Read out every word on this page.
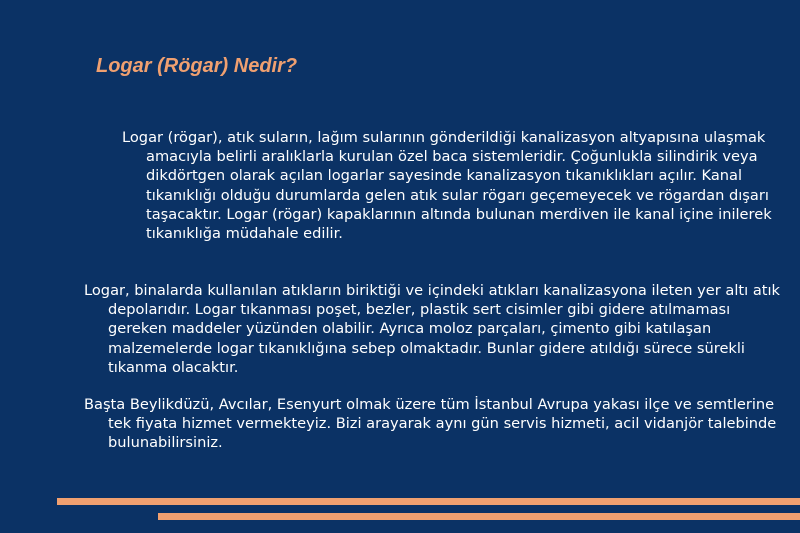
Logar (Rögar) Nedir?

Logar (rögar), atık suların, lağım sularının gönderildiği kanalizasyon altyapısına ulaşmak amacıyla belirli aralıklarla kurulan özel baca sistemleridir. Çoğunlukla silindirik veya dikdörtgen olarak açılan logarlar sayesinde kanalizasyon tıkanıklıkları açılır. Kanal tıkanıklığı olduğu durumlarda gelen atık sular rögarı geçemeyecek ve rögardan dışarı taşacaktır. Logar (rögar) kapaklarının altında bulunan merdiven ile kanal içine inilerek tıkanıklığa müdahale edilir.

Logar, binalarda kullanılan atıkların biriktiği ve içindeki atıkları kanalizasyona ileten yer altı atık depolarıdır. Logar tıkanması poşet, bezler, plastik sert cisimler gibi gidere atılmaması gereken maddeler yüzünden olabilir. Ayrıca moloz parçaları, çimento gibi katılaşan malzemelerde logar tıkanıklığına sebep olmaktadır. Bunlar gidere atıldığı sürece sürekli tıkanma olacaktır.

Başta Beylikdüzü, Avcılar, Esenyurt olmak üzere tüm İstanbul Avrupa yakası ilçe ve semtlerine tek fiyata hizmet vermekteyiz. Bizi arayarak aynı gün servis hizmeti, acil vidanjör talebinde bulunabilirsiniz.
